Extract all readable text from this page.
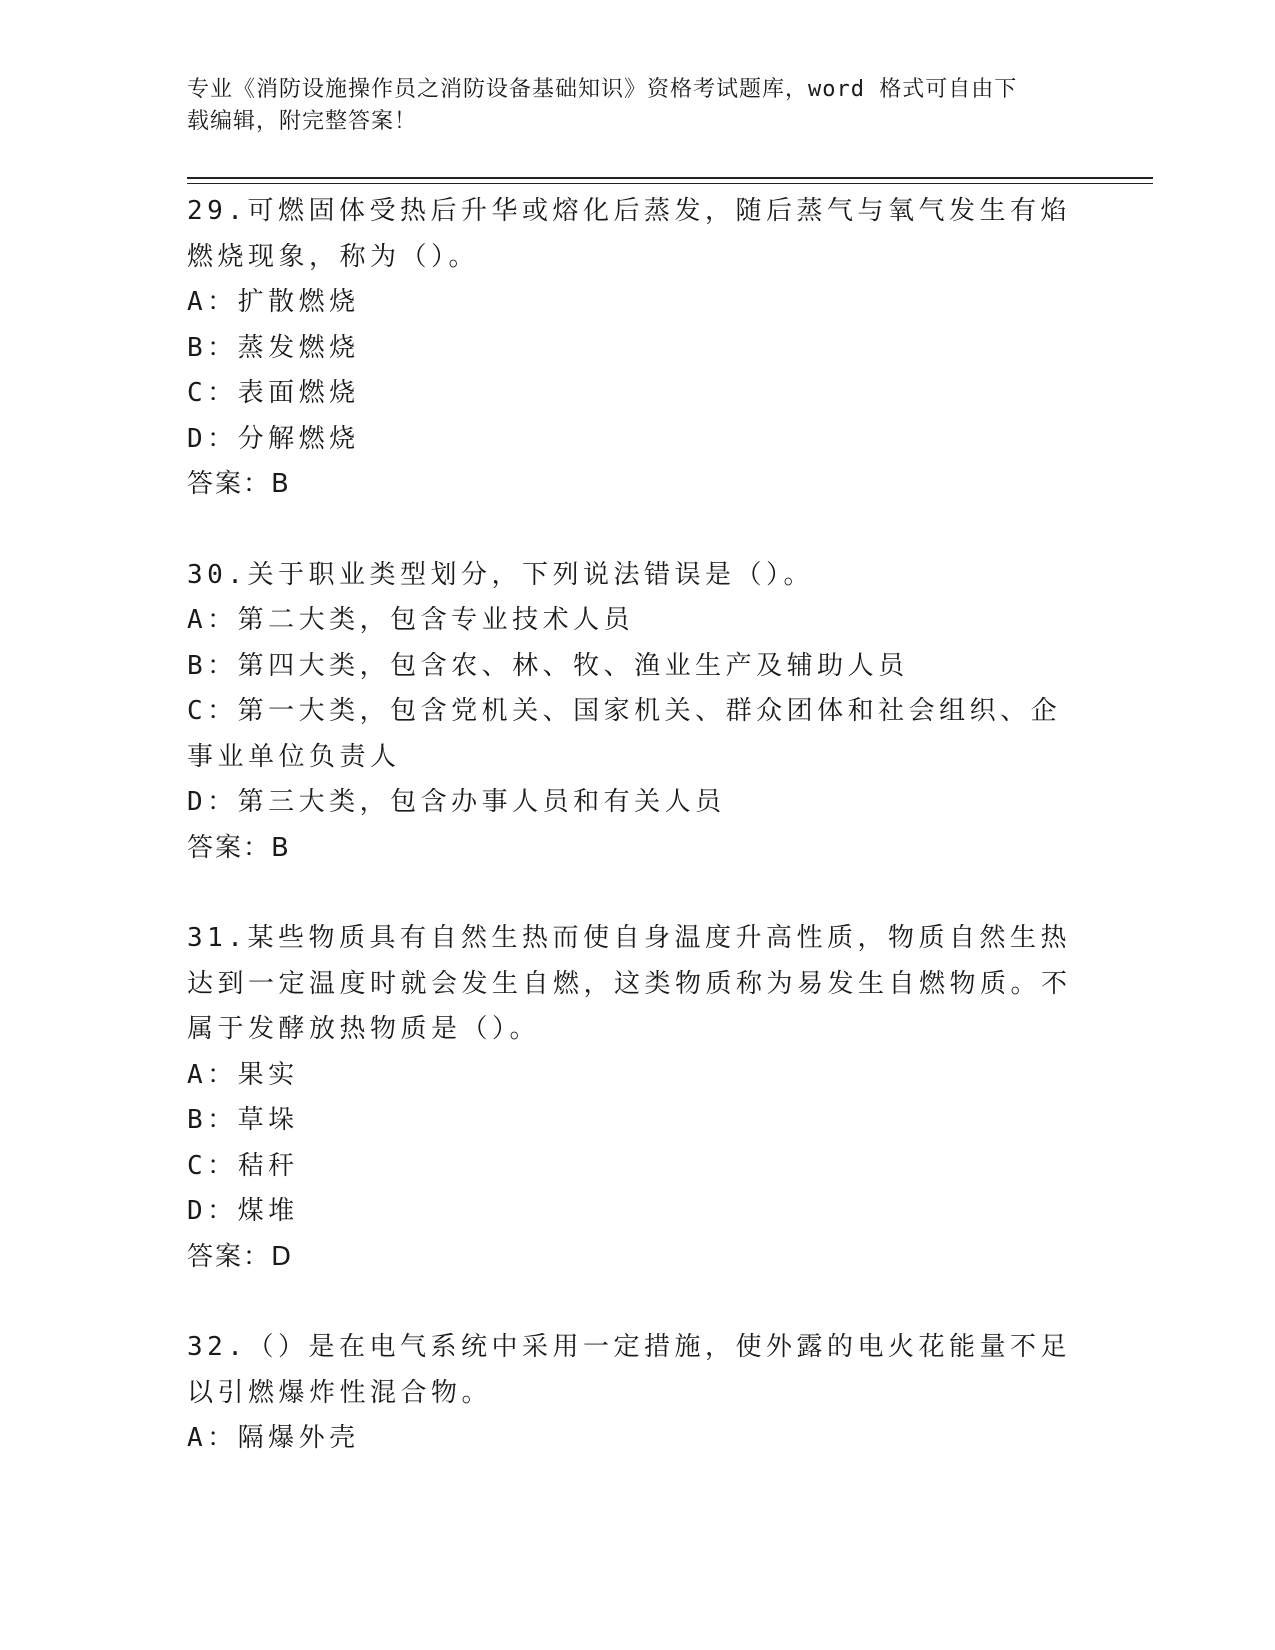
专业《消防设施操作员之消防设备基础知识》资格考试题库，word 格式可自由下
载编辑，附完整答案！
29.可燃固体受热后升华或熔化后蒸发，随后蒸气与氧气发生有焰燃烧现象，称为（）。
A：扩散燃烧
B：蒸发燃烧
C：表面燃烧
D：分解燃烧
答案：B
30.关于职业类型划分，下列说法错误是（）。
A：第二大类，包含专业技术人员
B：第四大类，包含农、林、牧、渔业生产及辅助人员
C：第一大类，包含党机关、国家机关、群众团体和社会组织、企事业单位负责人
D：第三大类，包含办事人员和有关人员
答案：B
31.某些物质具有自然生热而使自身温度升高性质，物质自然生热达到一定温度时就会发生自燃，这类物质称为易发生自燃物质。不属于发酵放热物质是（）。
A：果实
B：草垛
C：秸秆
D：煤堆
答案：D
32.（）是在电气系统中采用一定措施，使外露的电火花能量不足以引燃爆炸性混合物。
A：隔爆外壳
